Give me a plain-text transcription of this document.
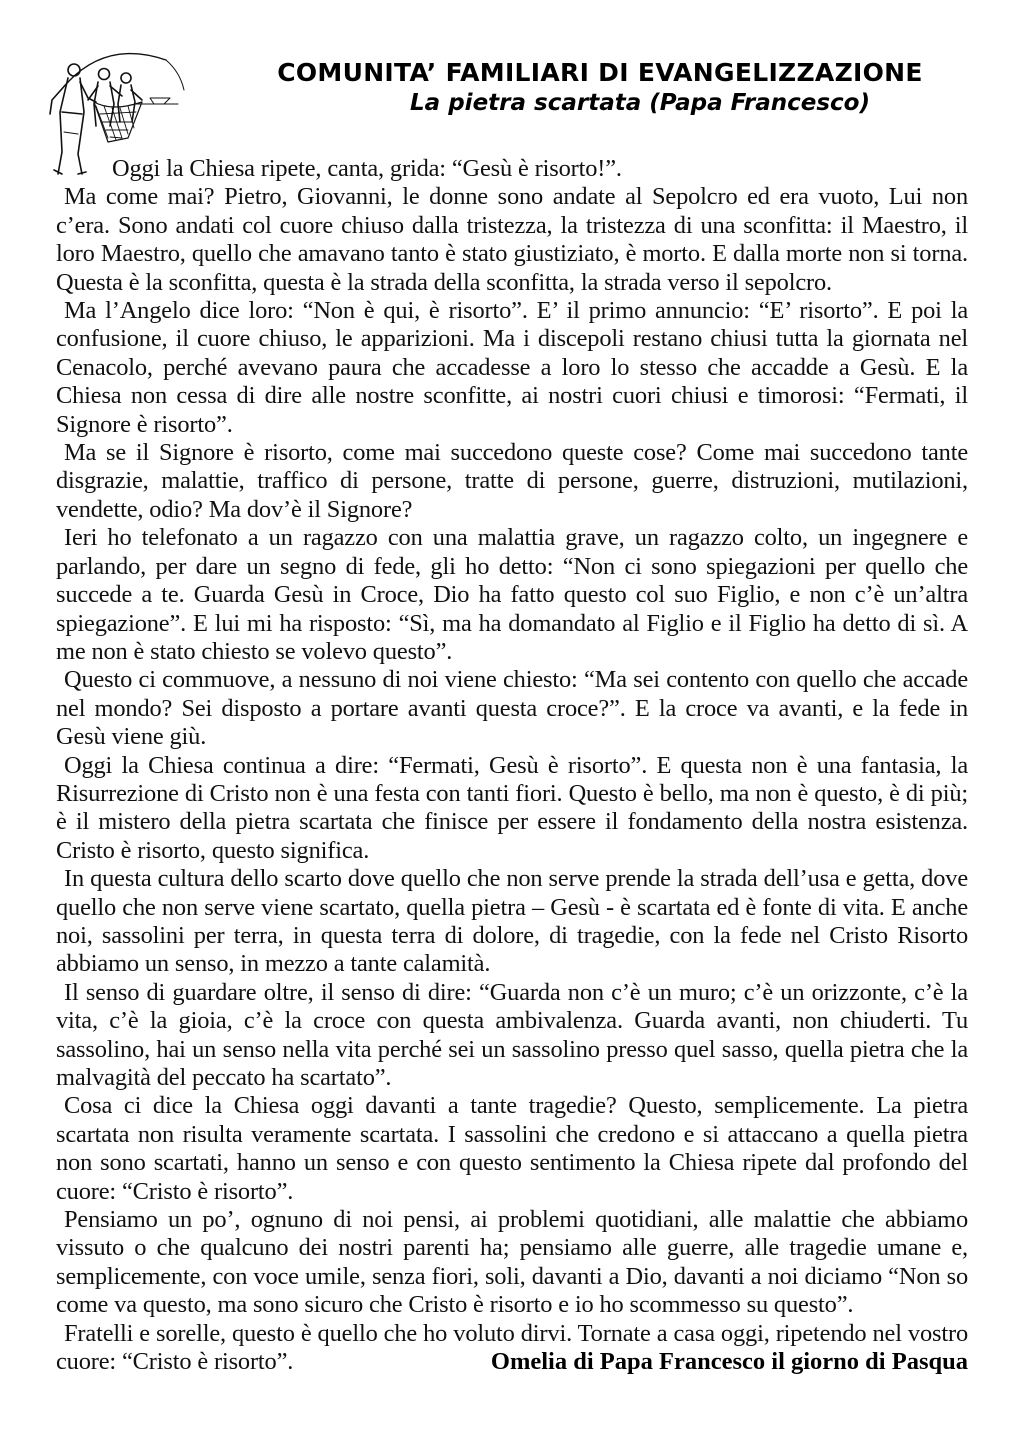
COMUNITA’ FAMILIARI DI EVANGELIZZAZIONE
La pietra scartata (Papa Francesco)

Oggi la Chiesa ripete, canta, grida: “Gesù è risorto!”.

Ma come mai? Pietro, Giovanni, le donne sono andate al Sepolcro ed era vuoto, Lui non c’era. Sono andati col cuore chiuso dalla tristezza, la tristezza di una sconfitta: il Maestro, il loro Maestro, quello che amavano tanto è stato giustiziato, è morto. E dalla morte non si torna. Questa è la sconfitta, questa è la strada della sconfitta, la strada verso il sepolcro.

Ma l’Angelo dice loro: “Non è qui, è risorto”. E’ il primo annuncio: “E’ risorto”. E poi la confusione, il cuore chiuso, le apparizioni. Ma i discepoli restano chiusi tutta la giornata nel Cenacolo, perché avevano paura che accadesse a loro lo stesso che accadde a Gesù. E la Chiesa non cessa di dire alle nostre sconfitte, ai nostri cuori chiusi e timorosi: “Fermati, il Signore è risorto”.

Ma se il Signore è risorto, come mai succedono queste cose? Come mai succedono tante disgrazie, malattie, traffico di persone, tratte di persone, guerre, distruzioni, mutilazioni, vendette, odio? Ma dov’è il Signore?

Ieri ho telefonato a un ragazzo con una malattia grave, un ragazzo colto, un ingegnere e parlando, per dare un segno di fede, gli ho detto: “Non ci sono spiegazioni per quello che succede a te. Guarda Gesù in Croce, Dio ha fatto questo col suo Figlio, e non c’è un’altra spiegazione”. E lui mi ha risposto: “Sì, ma ha domandato al Figlio e il Figlio ha detto di sì. A me non è stato chiesto se volevo questo”.

Questo ci commuove, a nessuno di noi viene chiesto: “Ma sei contento con quello che accade nel mondo? Sei disposto a portare avanti questa croce?”. E la croce va avanti, e la fede in Gesù viene giù.

Oggi la Chiesa continua a dire: “Fermati, Gesù è risorto”. E questa non è una fantasia, la Risurrezione di Cristo non è una festa con tanti fiori. Questo è bello, ma non è questo, è di più; è il mistero della pietra scartata che finisce per essere il fondamento della nostra esistenza. Cristo è risorto, questo significa.

In questa cultura dello scarto dove quello che non serve prende la strada dell’usa e getta, dove quello che non serve viene scartato, quella pietra – Gesù - è scartata ed è fonte di vita. E anche noi, sassolini per terra, in questa terra di dolore, di tragedie, con la fede nel Cristo Risorto abbiamo un senso, in mezzo a tante calamità.

Il senso di guardare oltre, il senso di dire: “Guarda non c’è un muro; c’è un orizzonte, c’è la vita, c’è la gioia, c’è la croce con questa ambivalenza. Guarda avanti, non chiuderti. Tu sassolino, hai un senso nella vita perché sei un sassolino presso quel sasso, quella pietra che la malvagità del peccato ha scartato”.

Cosa ci dice la Chiesa oggi davanti a tante tragedie? Questo, semplicemente. La pietra scartata non risulta veramente scartata. I sassolini che credono e si attaccano a quella pietra non sono scartati, hanno un senso e con questo sentimento la Chiesa ripete dal profondo del cuore: “Cristo è risorto”.

Pensiamo un po’, ognuno di noi pensi, ai problemi quotidiani, alle malattie che abbiamo vissuto o che qualcuno dei nostri parenti ha; pensiamo alle guerre, alle tragedie umane e, semplicemente, con voce umile, senza fiori, soli, davanti a Dio, davanti a noi diciamo “Non so come va questo, ma sono sicuro che Cristo è risorto e io ho scommesso su questo”.

Fratelli e sorelle, questo è quello che ho voluto dirvi. Tornate a casa oggi, ripetendo nel vostro cuore: “Cristo è risorto”.	Omelia di Papa Francesco il giorno di Pasqua
